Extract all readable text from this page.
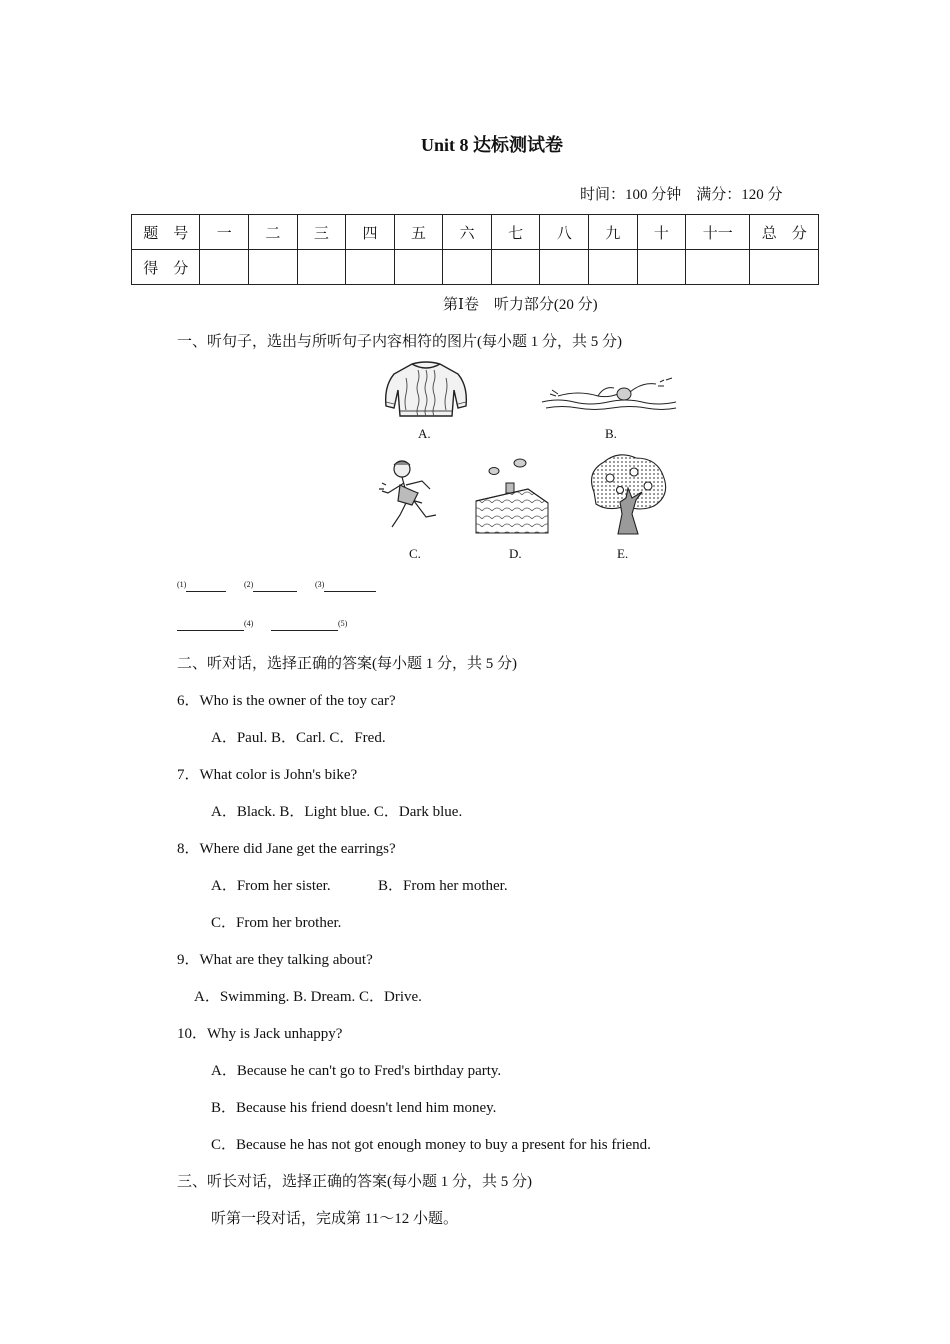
Unit 8 达标测试卷
时间：100 分钟　满分：120 分
题　号	一	二	三	四	五	六	七	八	九	十	十一	总　分
得　分												
第Ⅰ卷　听力部分(20 分)
一、听句子，选出与所听句子内容相符的图片(每小题 1 分，共 5 分)
A.	B.
C.	D.	E.
(1)	(2)	(3)
(4)	(5)
二、听对话，选择正确的答案(每小题 1 分，共 5 分)
6．Who is the owner of the toy car?
A．Paul. B．Carl. C．Fred.
7．What color is John's bike?
A．Black. B．Light blue. C．Dark blue.
8．Where did Jane get the earrings?
A．From her sister.	B．From her mother.
C．From her brother.
9．What are they talking about?
A．Swimming. B. Dream. C．Drive.
10．Why is Jack unhappy?
A．Because he can't go to Fred's birthday party.
B．Because his friend doesn't lend him money.
C．Because he has not got enough money to buy a present for his friend.
三、听长对话，选择正确的答案(每小题 1 分，共 5 分)
听第一段对话，完成第 11～12 小题。
